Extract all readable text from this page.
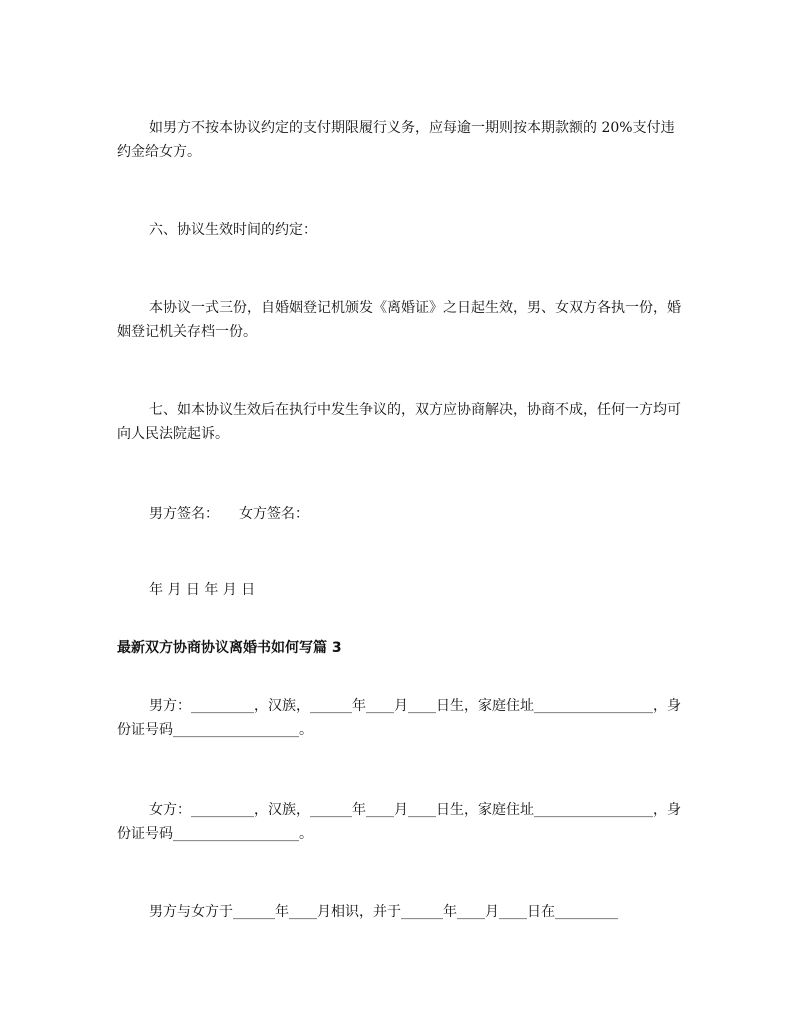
如男方不按本协议约定的支付期限履行义务，应每逾一期则按本期款额的 20%支付违约金给女方。

六、协议生效时间的约定：

本协议一式三份，自婚姻登记机颁发《离婚证》之日起生效，男、女双方各执一份，婚姻登记机关存档一份。

七、如本协议生效后在执行中发生争议的，双方应协商解决，协商不成，任何一方均可向人民法院起诉。

男方签名： 女方签名：

年 月 日 年 月 日

最新双方协商协议离婚书如何写篇 3

男方：_________，汉族，______年____月____日生，家庭住址_________________，身份证号码__________________。

女方：_________，汉族，______年____月____日生，家庭住址_________________，身份证号码__________________。

男方与女方于______年____月相识，并于______年____月____日在_________
